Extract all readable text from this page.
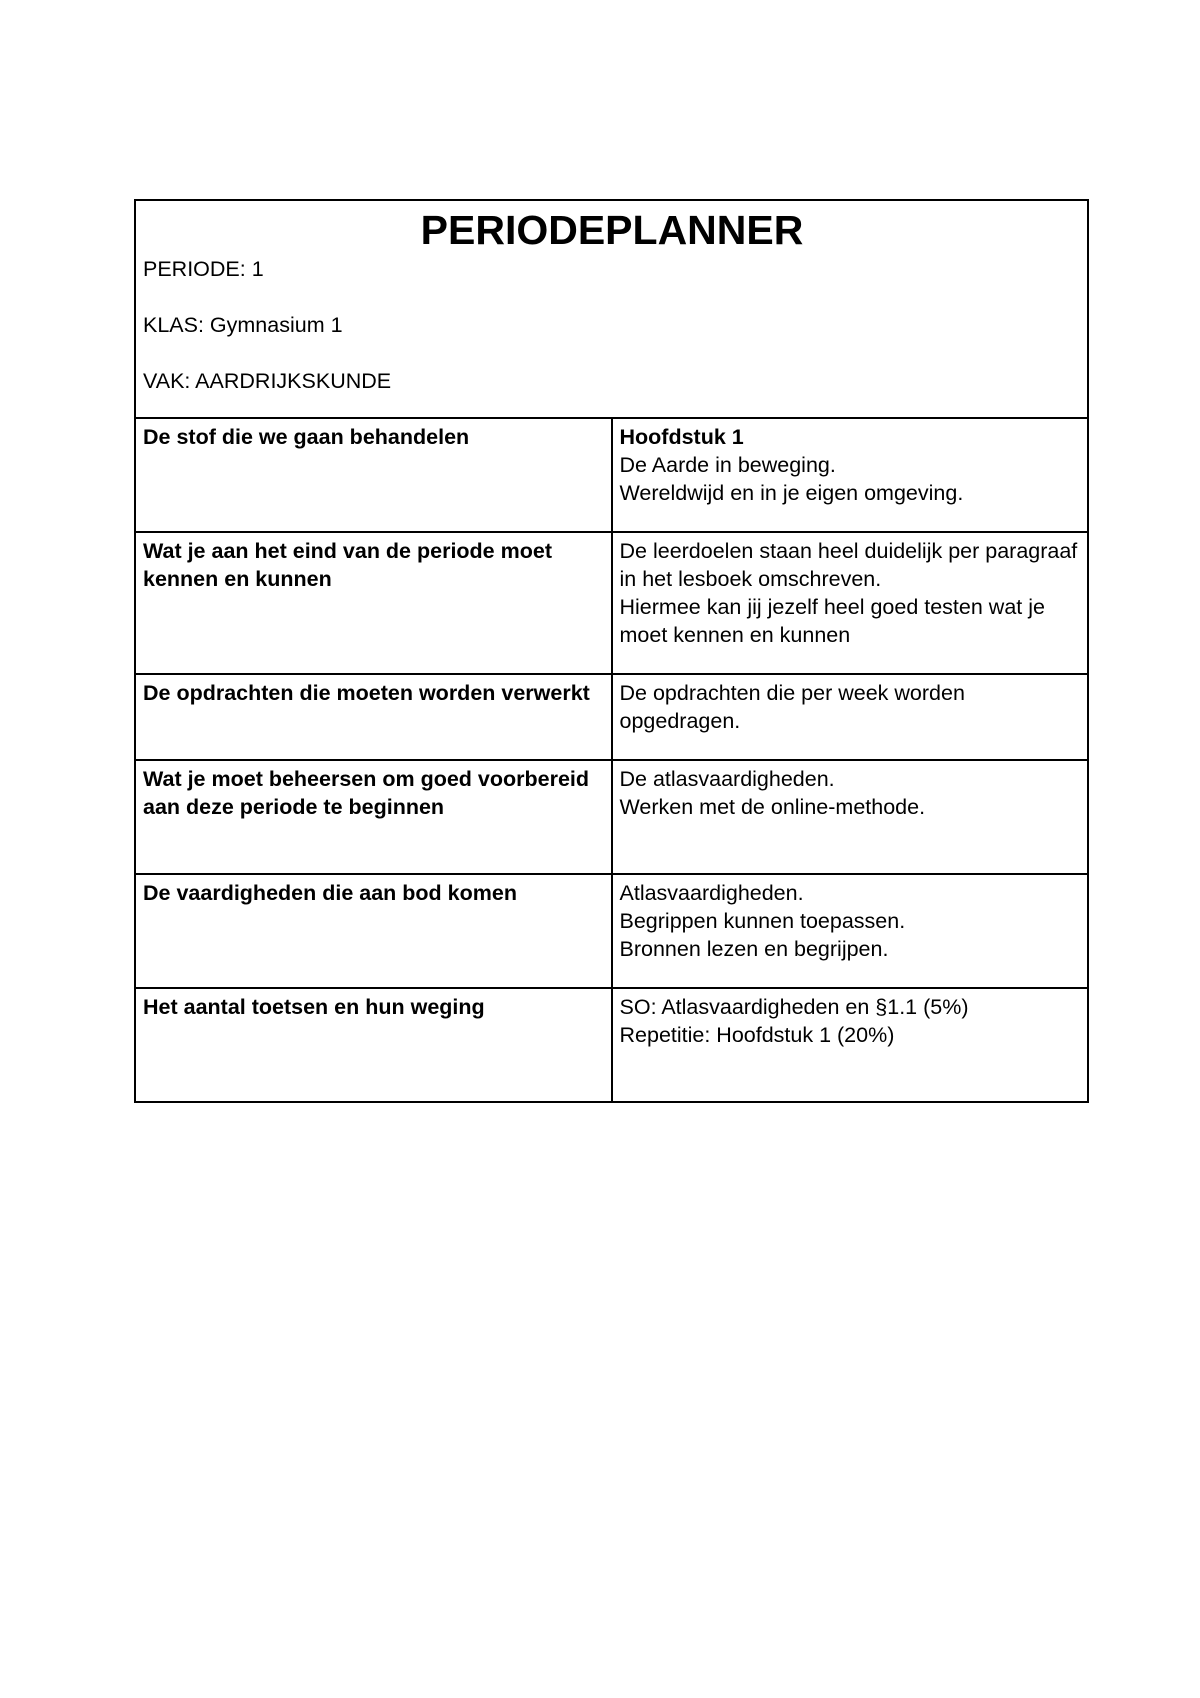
PERIODEPLANNER

PERIODE: 1

KLAS: Gymnasium 1

VAK: AARDRIJKSKUNDE	

De stof die we gaan behandelen	Hoofdstuk 1
De Aarde in beweging.
Wereldwijd en in je eigen omgeving.

Wat je aan het eind van de periode moet kennen en kunnen	De leerdoelen staan heel duidelijk per paragraaf in het lesboek omschreven.
Hiermee kan jij jezelf heel goed testen wat je moet kennen en kunnen

De opdrachten die moeten worden verwerkt	De opdrachten die per week worden opgedragen.

Wat je moet beheersen om goed voorbereid aan deze periode te beginnen	De atlasvaardigheden.
Werken met de online-methode.

De vaardigheden die aan bod komen	Atlasvaardigheden.
Begrippen kunnen toepassen.
Bronnen lezen en begrijpen.

Het aantal toetsen en hun weging	SO: Atlasvaardigheden en §1.1 (5%)
Repetitie: Hoofdstuk 1 (20%)
